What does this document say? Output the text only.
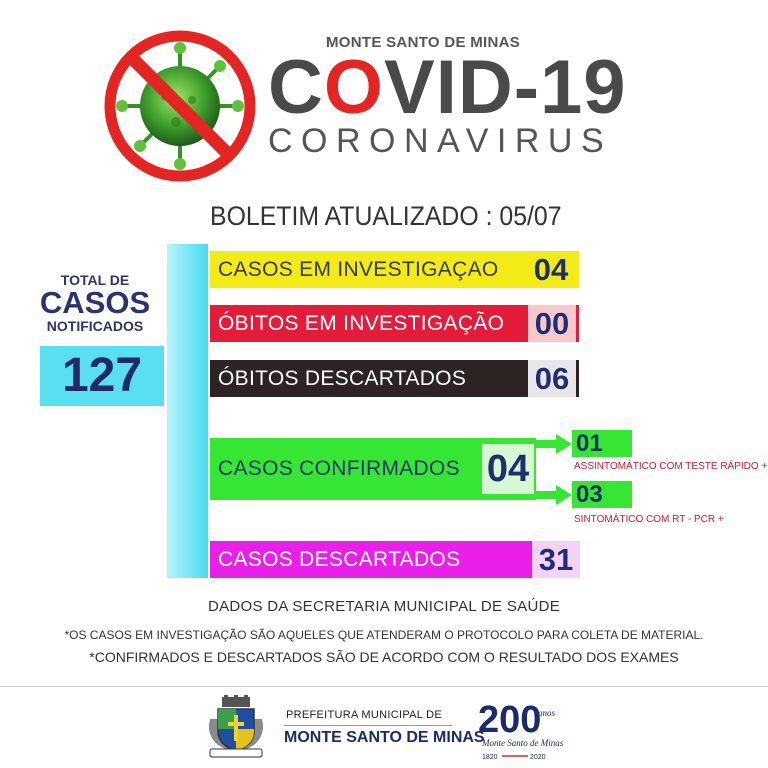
MONTE SANTO DE MINAS
COVID-19
CORONAVIRUS
BOLETIM ATUALIZADO : 05/07
TOTAL DE
CASOS
NOTIFICADOS
127
CASOS EM INVESTIGAÇAO 04
ÓBITOS EM INVESTIGAÇÃO 00
ÓBITOS DESCARTADOS 06
CASOS CONFIRMADOS 04
01
ASSINTOMÁTICO COM TESTE RÁPIDO +
03
SINTOMÁTICO COM RT - PCR +
CASOS DESCARTADOS	31
DADOS DA SECRETARIA MUNICIPAL DE SAÚDE
*OS CASOS EM INVESTIGAÇÃO SÃO AQUELES QUE ATENDERAM O PROTOCOLO PARA COLETA DE MATERIAL.
*CONFIRMADOS E DESCARTADOS SÃO DE ACORDO COM O RESULTADO DOS EXAMES
PREFEITURA MUNICIPAL DE
MONTE SANTO DE MINAS
200
anos
Monte Santo de Minas
1820	2020
